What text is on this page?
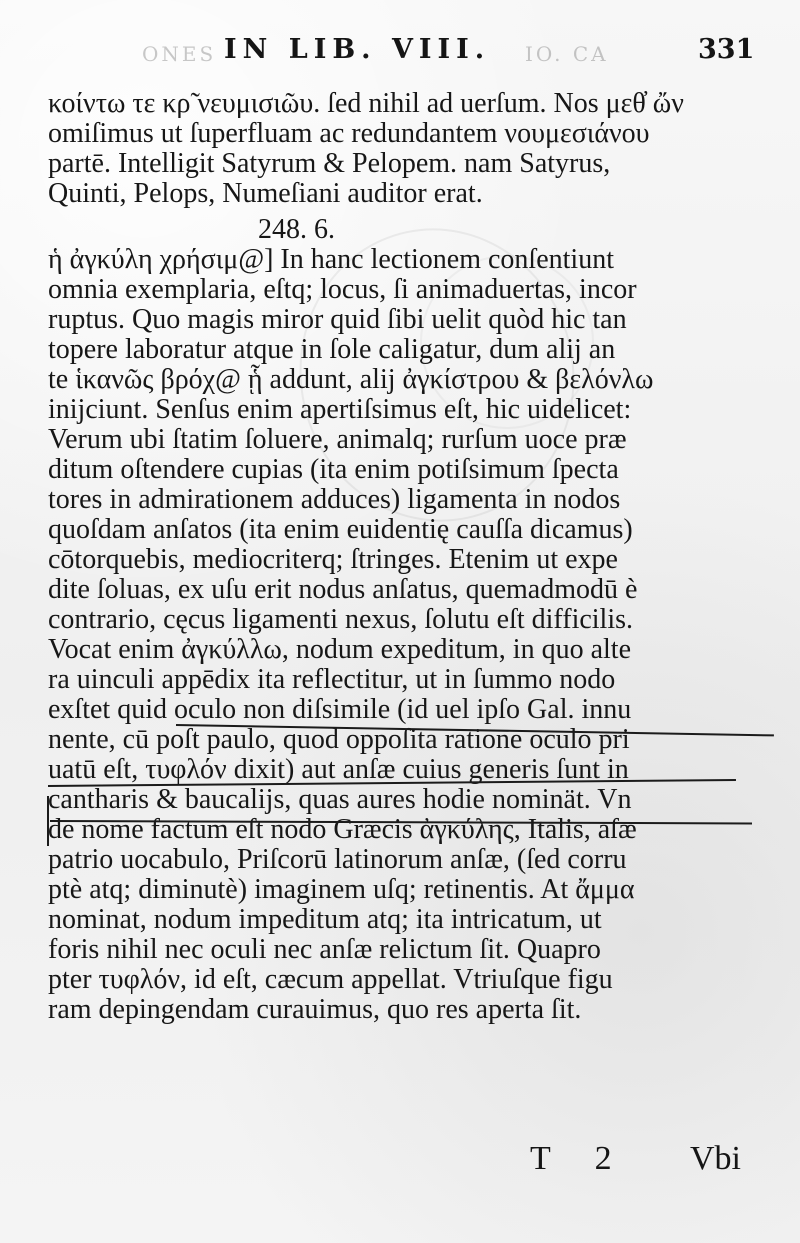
ONES IN LIB. VIII. IO. CA	331
κοίντω τε κρ̃ νευμισιῶυ. ſed nihil ad uerſum. Nos μεθ̓ ὤν
omiſimus ut ſuperfluam ac redundantem νουμεσιάνου
partē. Intelligit Satyrum & Pelopem. nam Satyrus,
Quinti, Pelops, Numeſiani auditor erat.
248. 6.
ἡ ἀγκύλη χρήσιμ@] In hanc lectionem conſentiunt
omnia exemplaria, eſtq; locus, ſi animaduertas, incor
ruptus. Quo magis miror quid ſibi uelit quòd hic tan
topere laboratur atque in ſole caligatur, dum alij an
te ἱκανῶς βρόχ@ ᾗ addunt, alij ἀγκίστρου & βελόνλω
inijciunt. Senſus enim apertiſsimus eſt, hic uidelicet:
Verum ubi ſtatim ſoluere, animalq; rurſum uoce præ
ditum oſtendere cupias (ita enim potiſsimum ſpecta
tores in admirationem adduces) ligamenta in nodos
quoſdam anſatos (ita enim euidentię cauſſa dicamus)
cōtorquebis, mediocriterq; ſtringes. Etenim ut expe
dite ſoluas, ex uſu erit nodus anſatus, quemadmodū è
contrario, cęcus ligamenti nexus, ſolutu eſt difficilis.
Vocat enim ἀγκύλλω, nodum expeditum, in quo alte
ra uinculi appēdix ita reflectitur, ut in ſummo nodo
exſtet quid oculo non diſsimile (id uel ipſo Gal. innu
nente, cū poſt paulo, quod oppoſita ratione oculo pri
uatū eſt, τυφλόν dixit) aut anſæ cuius generis ſunt in
cantharis & baucalijs, quas aures hodie nominät. Vn
de nomē factum eſt nodo Græcis ἀγκύλης, Italis, aſæ
patrio uocabulo, Priſcorū latinorum anſæ, (ſed corru
ptè atq; diminutè) imaginem uſq; retinentis. At ἄμμα
nominat, nodum impeditum atq; ita intricatum, ut
foris nihil nec oculi nec anſæ relictum ſit. Quapro
pter τυφλόν, id eſt, cæcum appellat. Vtriuſque figu
ram depingendam curauimus, quo res aperta ſit.
T 2 Vbi
